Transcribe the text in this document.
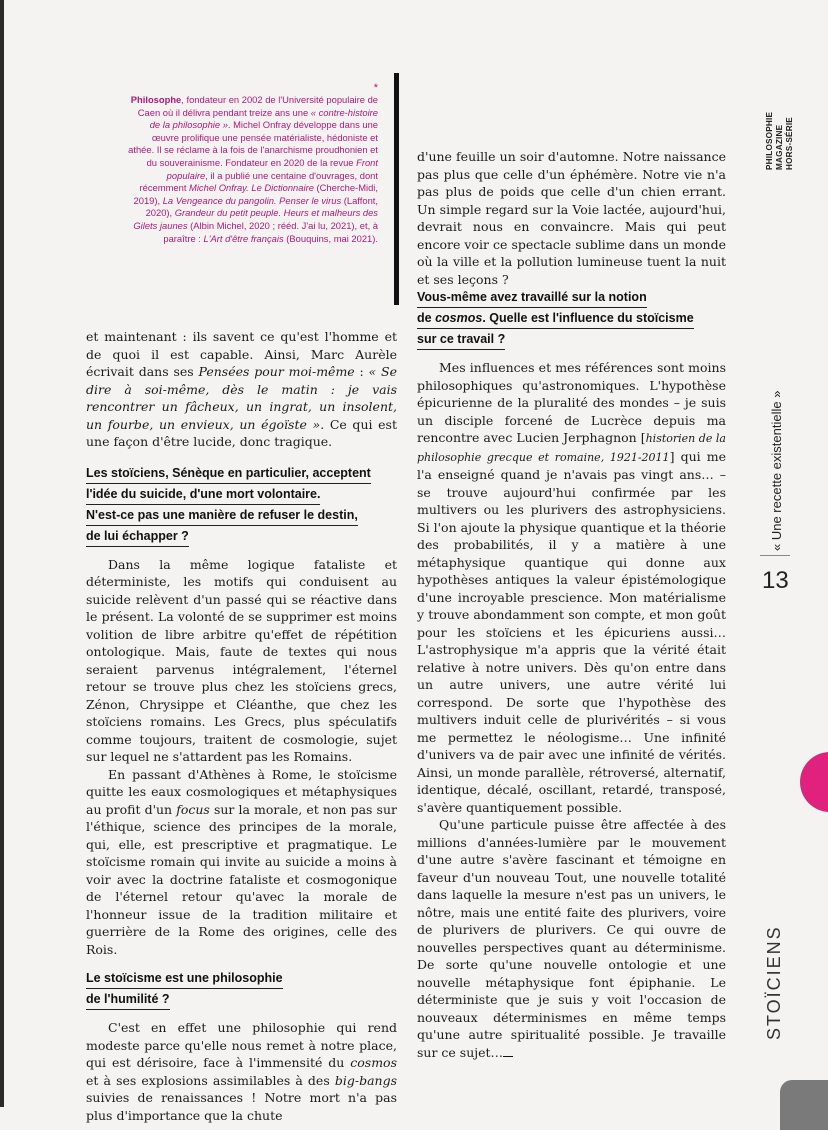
*
Philosophe, fondateur en 2002 de l'Université populaire de Caen où il délivra pendant treize ans une « contre-histoire de la philosophie ». Michel Onfray développe dans une œuvre prolifique une pensée matérialiste, hédoniste et athée. Il se réclame à la fois de l'anarchisme proudhonien et du souverainisme. Fondateur en 2020 de la revue Front populaire, il a publié une centaine d'ouvrages, dont récemment Michel Onfray. Le Dictionnaire (Cherche-Midi, 2019), La Vengeance du pangolin. Penser le virus (Laffont, 2020), Grandeur du petit peuple. Heurs et malheurs des Gilets jaunes (Albin Michel, 2020 ; rééd. J'ai lu, 2021), et, à paraître : L'Art d'être français (Bouquins, mai 2021).

d'une feuille un soir d'automne. Notre naissance pas plus que celle d'un éphémère. Notre vie n'a pas plus de poids que celle d'un chien errant. Un simple regard sur la Voie lactée, aujourd'hui, devrait nous en convaincre. Mais qui peut encore voir ce spectacle sublime dans un monde où la ville et la pollution lumineuse tuent la nuit et ses leçons ?

et maintenant : ils savent ce qu'est l'homme et de quoi il est capable. Ainsi, Marc Aurèle écrivait dans ses Pensées pour moi-même : « Se dire à soi-même, dès le matin : je vais rencontrer un fâcheux, un ingrat, un insolent, un fourbe, un envieux, un égoïste ». Ce qui est une façon d'être lucide, donc tragique.

Les stoïciens, Sénèque en particulier, acceptent
l'idée du suicide, d'une mort volontaire.
N'est-ce pas une manière de refuser le destin,
de lui échapper ?

Dans la même logique fataliste et déterministe, les motifs qui conduisent au suicide relèvent d'un passé qui se réactive dans le présent. La volonté de se supprimer est moins volition de libre arbitre qu'effet de répétition ontologique. Mais, faute de textes qui nous seraient parvenus intégralement, l'éternel retour se trouve plus chez les stoïciens grecs, Zénon, Chrysippe et Cléanthe, que chez les stoïciens romains. Les Grecs, plus spéculatifs comme toujours, traitent de cosmologie, sujet sur lequel ne s'attardent pas les Romains.

En passant d'Athènes à Rome, le stoïcisme quitte les eaux cosmologiques et métaphysiques au profit d'un focus sur la morale, et non pas sur l'éthique, science des principes de la morale, qui, elle, est prescriptive et pragmatique. Le stoïcisme romain qui invite au suicide a moins à voir avec la doctrine fataliste et cosmogonique de l'éternel retour qu'avec la morale de l'honneur issue de la tradition militaire et guerrière de la Rome des origines, celle des Rois.

Le stoïcisme est une philosophie
de l'humilité ?

C'est en effet une philosophie qui rend modeste parce qu'elle nous remet à notre place, qui est dérisoire, face à l'immensité du cosmos et à ses explosions assimilables à des big-bangs suivies de renaissances ! Notre mort n'a pas plus d'importance que la chute

Vous-même avez travaillé sur la notion
de cosmos. Quelle est l'influence du stoïcisme
sur ce travail ?

Mes influences et mes références sont moins philosophiques qu'astronomiques. L'hypothèse épicurienne de la pluralité des mondes – je suis un disciple forcené de Lucrèce depuis ma rencontre avec Lucien Jerphagnon [historien de la philosophie grecque et romaine, 1921-2011] qui me l'a enseigné quand je n'avais pas vingt ans… – se trouve aujourd'hui confirmée par les multivers ou les plurivers des astrophysiciens. Si l'on ajoute la physique quantique et la théorie des probabilités, il y a matière à une métaphysique quantique qui donne aux hypothèses antiques la valeur épistémologique d'une incroyable prescience. Mon matérialisme y trouve abondamment son compte, et mon goût pour les stoïciens et les épicuriens aussi… L'astrophysique m'a appris que la vérité était relative à notre univers. Dès qu'on entre dans un autre univers, une autre vérité lui correspond. De sorte que l'hypothèse des multivers induit celle de plurivérités – si vous me permettez le néologisme… Une infinité d'univers va de pair avec une infinité de vérités. Ainsi, un monde parallèle, rétroversé, alternatif, identique, décalé, oscillant, retardé, transposé, s'avère quantiquement possible.

Qu'une particule puisse être affectée à des millions d'années-lumière par le mouvement d'une autre s'avère fascinant et témoigne en faveur d'un nouveau Tout, une nouvelle totalité dans laquelle la mesure n'est pas un univers, le nôtre, mais une entité faite des plurivers, voire de plurivers de plurivers. Ce qui ouvre de nouvelles perspectives quant au déterminisme. De sorte qu'une nouvelle ontologie et une nouvelle métaphysique font épiphanie. Le déterministe que je suis y voit l'occasion de nouveaux déterminismes en même temps qu'une autre spiritualité possible. Je travaille sur ce sujet…

PHILOSOPHIE MAGAZINE HORS-SÉRIE
« Une recette existentielle »
13
STOÏCIENS
